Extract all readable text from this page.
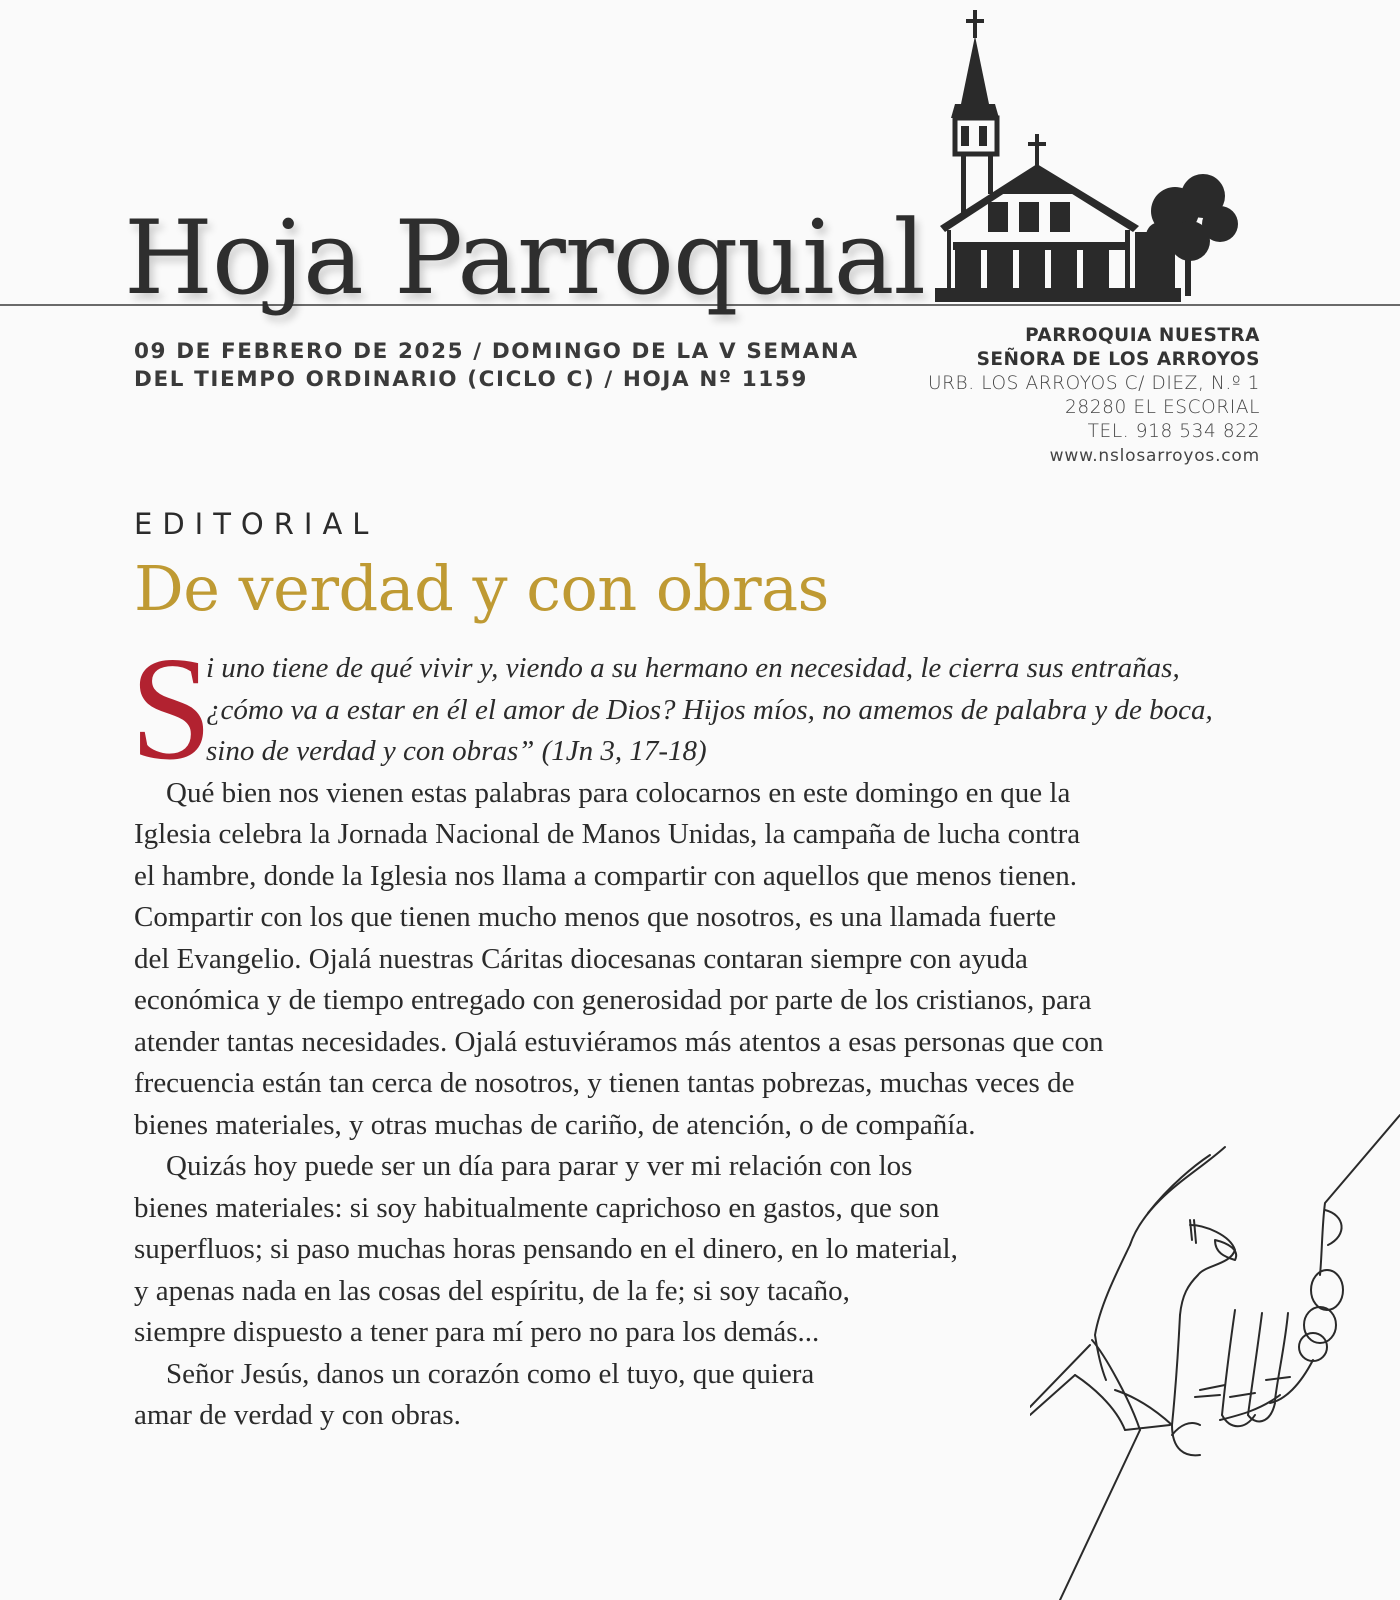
Hoja Parroquial
09 DE FEBRERO DE 2025 / DOMINGO DE LA V SEMANA
DEL TIEMPO ORDINARIO (CICLO C) / HOJA Nº 1159
PARROQUIA NUESTRA
SEÑORA DE LOS ARROYOS
URB. LOS ARROYOS C/ DIEZ, N.º 1
28280 EL ESCORIAL
TEL. 918 534 822
www.nslosarroyos.com
EDITORIAL
De verdad y con obras
S
i uno tiene de qué vivir y, viendo a su hermano en necesidad, le cierra sus entrañas,
¿cómo va a estar en él el amor de Dios? Hijos míos, no amemos de palabra y de boca,
sino de verdad y con obras” (1Jn 3, 17-18)
Qué bien nos vienen estas palabras para colocarnos en este domingo en que la
Iglesia celebra la Jornada Nacional de Manos Unidas, la campaña de lucha contra
el hambre, donde la Iglesia nos llama a compartir con aquellos que menos tienen.
Compartir con los que tienen mucho menos que nosotros, es una llamada fuerte
del Evangelio. Ojalá nuestras Cáritas diocesanas contaran siempre con ayuda
económica y de tiempo entregado con generosidad por parte de los cristianos, para
atender tantas necesidades. Ojalá estuviéramos más atentos a esas personas que con
frecuencia están tan cerca de nosotros, y tienen tantas pobrezas, muchas veces de
bienes materiales, y otras muchas de cariño, de atención, o de compañía.
Quizás hoy puede ser un día para parar y ver mi relación con los
bienes materiales: si soy habitualmente caprichoso en gastos, que son
superfluos; si paso muchas horas pensando en el dinero, en lo material,
y apenas nada en las cosas del espíritu, de la fe; si soy tacaño,
siempre dispuesto a tener para mí pero no para los demás...
Señor Jesús, danos un corazón como el tuyo, que quiera
amar de verdad y con obras.
